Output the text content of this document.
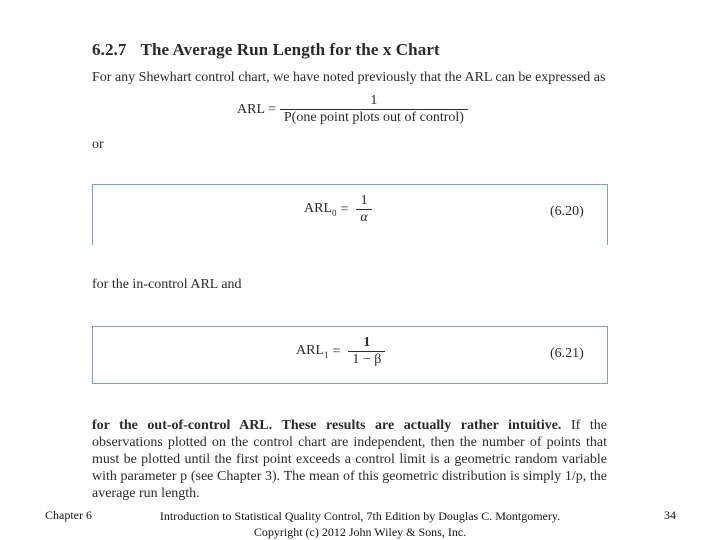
6.2.7 The Average Run Length for the x Chart
For any Shewhart control chart, we have noted previously that the ARL can be expressed as
ARL = $\frac{1}{\text{P(one point plots out of control)}}$
or
$ARL_0 = \frac{1}{\alpha}$	(6.20)
for the in-control ARL and
$ARL_1 = \frac{1}{1 - \beta}$	(6.21)
for the out-of-control ARL. These results are actually rather intuitive. If the observations plotted on the control chart are independent, then the number of points that must be plotted until the first point exceeds a control limit is a geometric random variable with parameter p (see Chapter 3). The mean of this geometric distribution is simply 1/p, the average run length.
Chapter 6	Introduction to Statistical Quality Control, 7th Edition by Douglas C. Montgomery.
Copyright (c) 2012 John Wiley & Sons, Inc.
34
